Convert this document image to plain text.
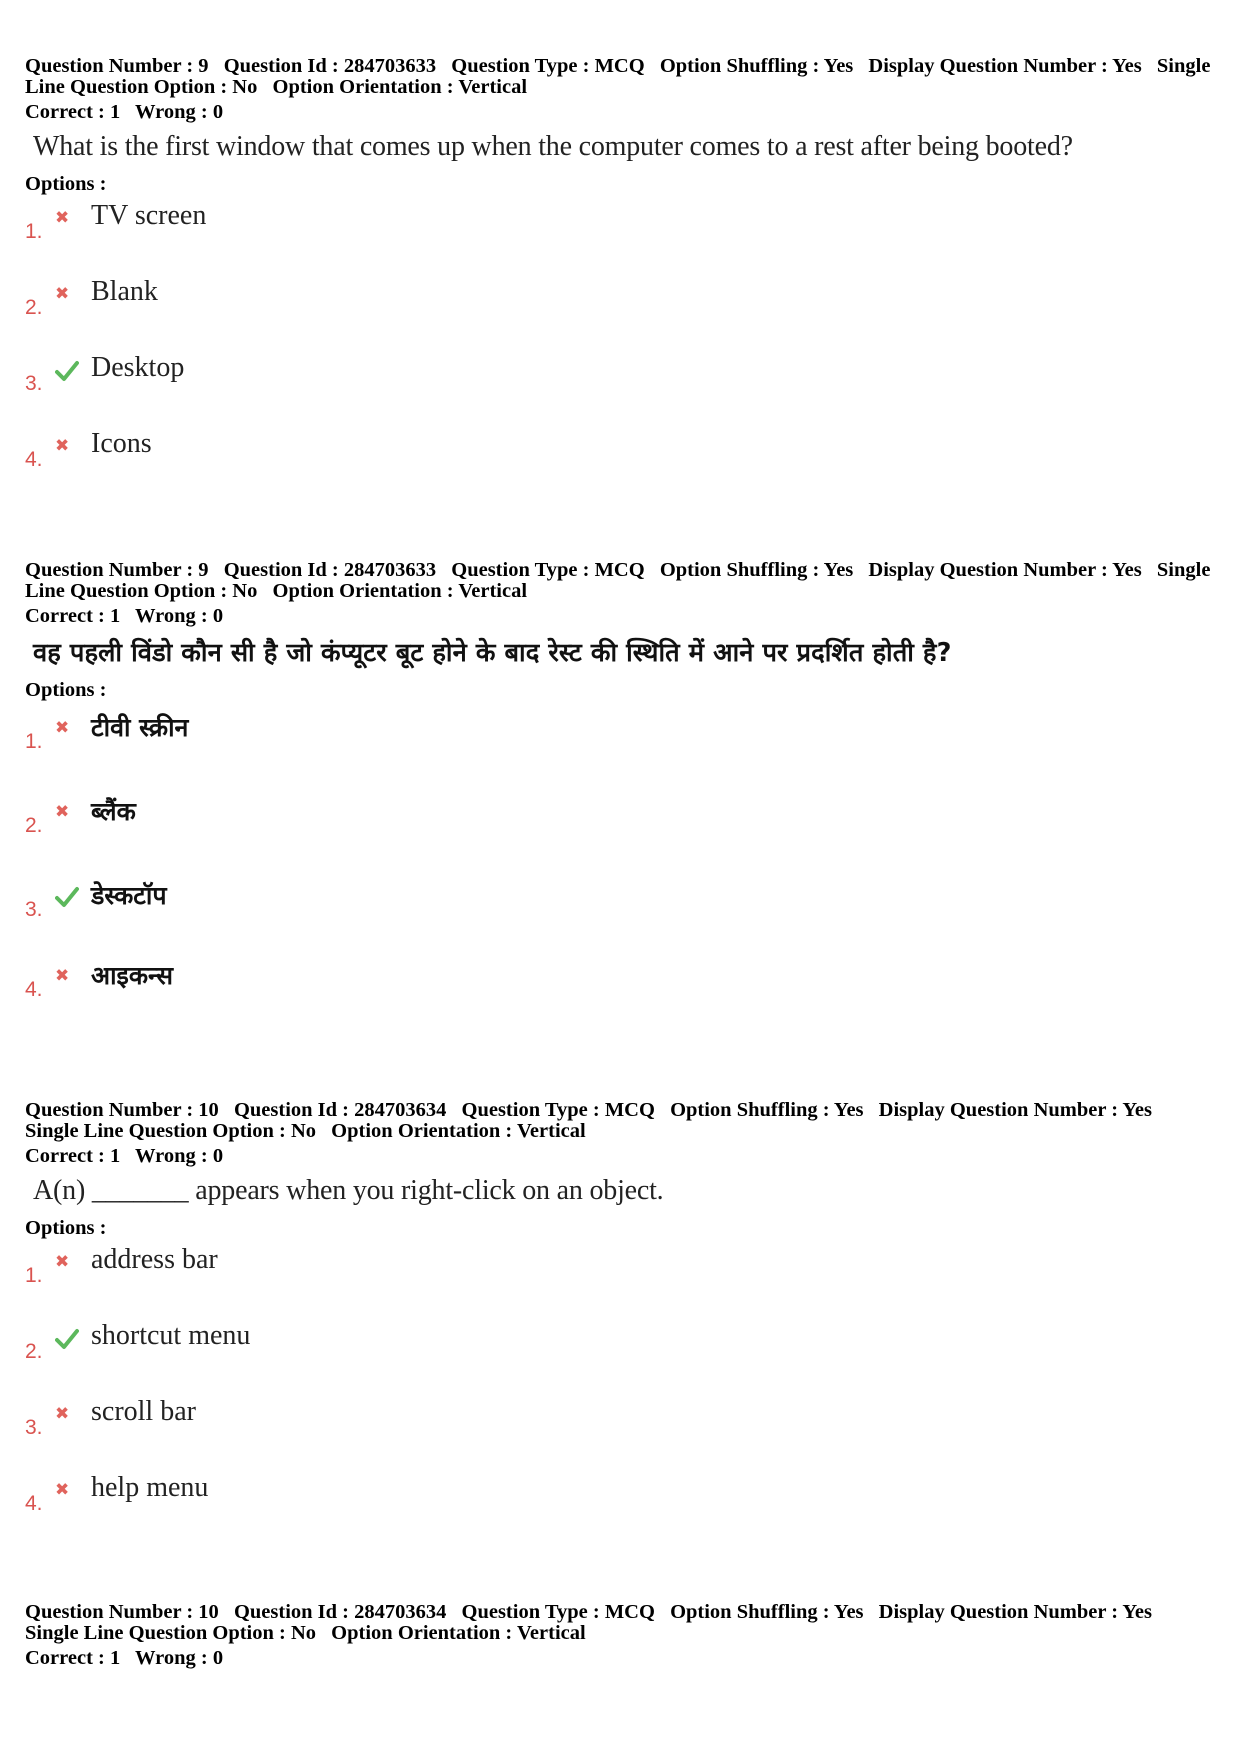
Question Number : 9 Question Id : 284703633 Question Type : MCQ Option Shuffling : Yes Display Question Number : Yes Single Line Question Option : No Option Orientation : Vertical
Correct : 1 Wrong : 0
What is the first window that comes up when the computer comes to a rest after being booted?
Options :
1.
✖ TV screen
2.
✖ Blank
3.
Desktop
4.
✖ Icons
Question Number : 9 Question Id : 284703633 Question Type : MCQ Option Shuffling : Yes Display Question Number : Yes Single Line Question Option : No Option Orientation : Vertical
Correct : 1 Wrong : 0
वह पहली विंडो कौन सी है जो कंप्यूटर बूट होने के बाद रेस्ट की स्थिति में आने पर प्रदर्शित होती है?
Options :
1.
✖ टीवी स्क्रीन
2.
✖ ब्लैंक
3. डेस्कटॉप
4.
✖ आइकन्स
Question Number : 10 Question Id : 284703634 Question Type : MCQ Option Shuffling : Yes Display Question Number : Yes Single Line Question Option : No Option Orientation : Vertical
Correct : 1 Wrong : 0
A(n) _______ appears when you right-click on an object.
Options :
1.
✖ address bar
2.
shortcut menu
3.
✖ scroll bar
4.
✖ help menu
Question Number : 10 Question Id : 284703634 Question Type : MCQ Option Shuffling : Yes Display Question Number : Yes Single Line Question Option : No Option Orientation : Vertical
Correct : 1 Wrong : 0
